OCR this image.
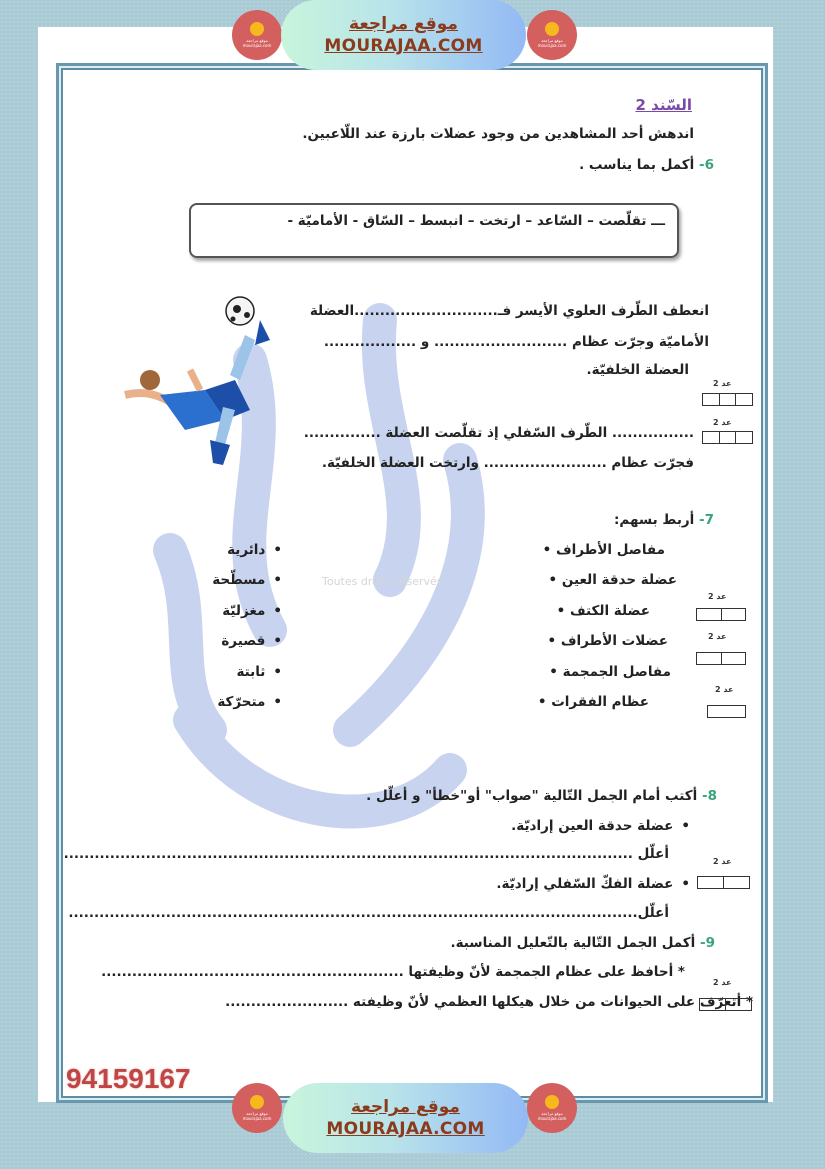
موقع مراجعة
mourajaa.com
موقع مراجعة
MOURAJAA.COM	موقع مراجعة
mourajaa.com
السّند 2
اندهش أحد المشاهدين من وجود عضلات بارزة عند اللّاعبين.
6- أكمل بما يناسب .
ـــ تقلّصت – السّاعد – ارتخت – انبسط – السّاق - الأماميّة -
انعطف الطّرف العلوي الأيسر فـ............................العضلة
الأماميّة وجرّت عظام .......................... و ..................
العضلة الخلفيّة.
عد 2
عد 2
................ الطّرف السّفلي إذ تقلّصت العضلة ...............
فجرّت عظام ........................ وارتخت العضلة الخلفيّة.
7- أربط بسهم:
Toutes droits réservés
مفاصل الأطراف •
عضلة حدقة العين •
عضلة الكتف •
عضلات الأطراف •
مفاصل الجمجمة •
عظام الفقرات •
• دائرية
• مسطّحة
• مغزليّة
• قصيرة
• ثابتة
• متحرّكة
عد 2
عد 2
عد 2
8- أكتب أمام الجمل التّالية "صواب" أو"خطأ" و أعلّل .
• عضلة حدقة العين إراديّة.
أعلّل ...............................................................................................................	عد 2
• عضلة الفكّ السّفلي إراديّة.
أعلّل...............................................................................................................
9- أكمل الجمل التّالية بالتّعليل المناسبة.
* أحافظ على عظام الجمجمة لأنّ وظيفتها ...........................................................
عد 2
* أتعرّف على الحيوانات من خلال هيكلها العظمي لأنّ وظيفته ........................
94159167
موقع مراجعة
mourajaa.com
موقع مراجعة
MOURAJAA.COM
موقع مراجعة
mourajaa.com
